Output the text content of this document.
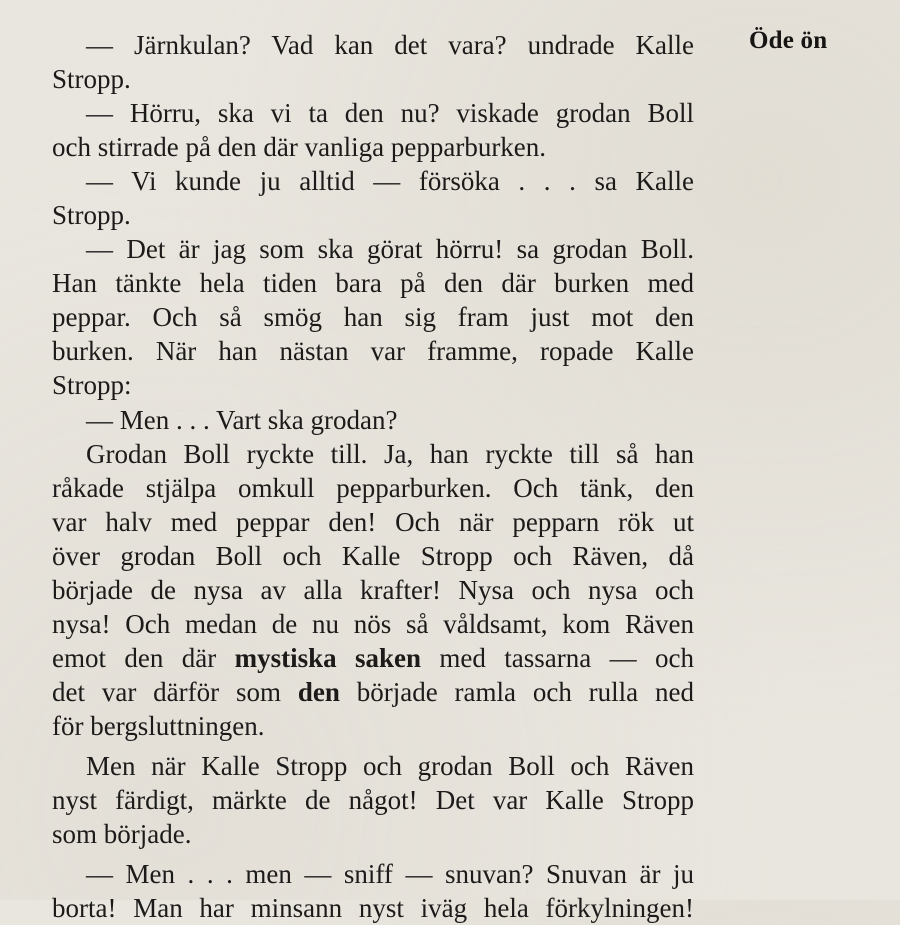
Öde ön
— Järnkulan? Vad kan det vara? undrade Kalle
Stropp.
— Hörru, ska vi ta den nu? viskade grodan Boll
och stirrade på den där vanliga pepparburken.
— Vi kunde ju alltid — försöka . . . sa Kalle
Stropp.
— Det är jag som ska görat hörru! sa grodan Boll.
Han tänkte hela tiden bara på den där burken med
peppar. Och så smög han sig fram just mot den
burken. När han nästan var framme, ropade Kalle
Stropp:
— Men . . . Vart ska grodan?
Grodan Boll ryckte till. Ja, han ryckte till så han
råkade stjälpa omkull pepparburken. Och tänk, den
var halv med peppar den! Och när pepparn rök ut
över grodan Boll och Kalle Stropp och Räven, då
började de nysa av alla krafter! Nysa och nysa och
nysa! Och medan de nu nös så våldsamt, kom Räven
emot den där mystiska saken med tassarna — och
det var därför som den började ramla och rulla ned
för bergsluttningen.
Men när Kalle Stropp och grodan Boll och Räven
nyst färdigt, märkte de något! Det var Kalle Stropp
som började.
— Men . . . men — sniff — snuvan? Snuvan är ju
borta! Man har minsann nyst iväg hela förkylningen!
